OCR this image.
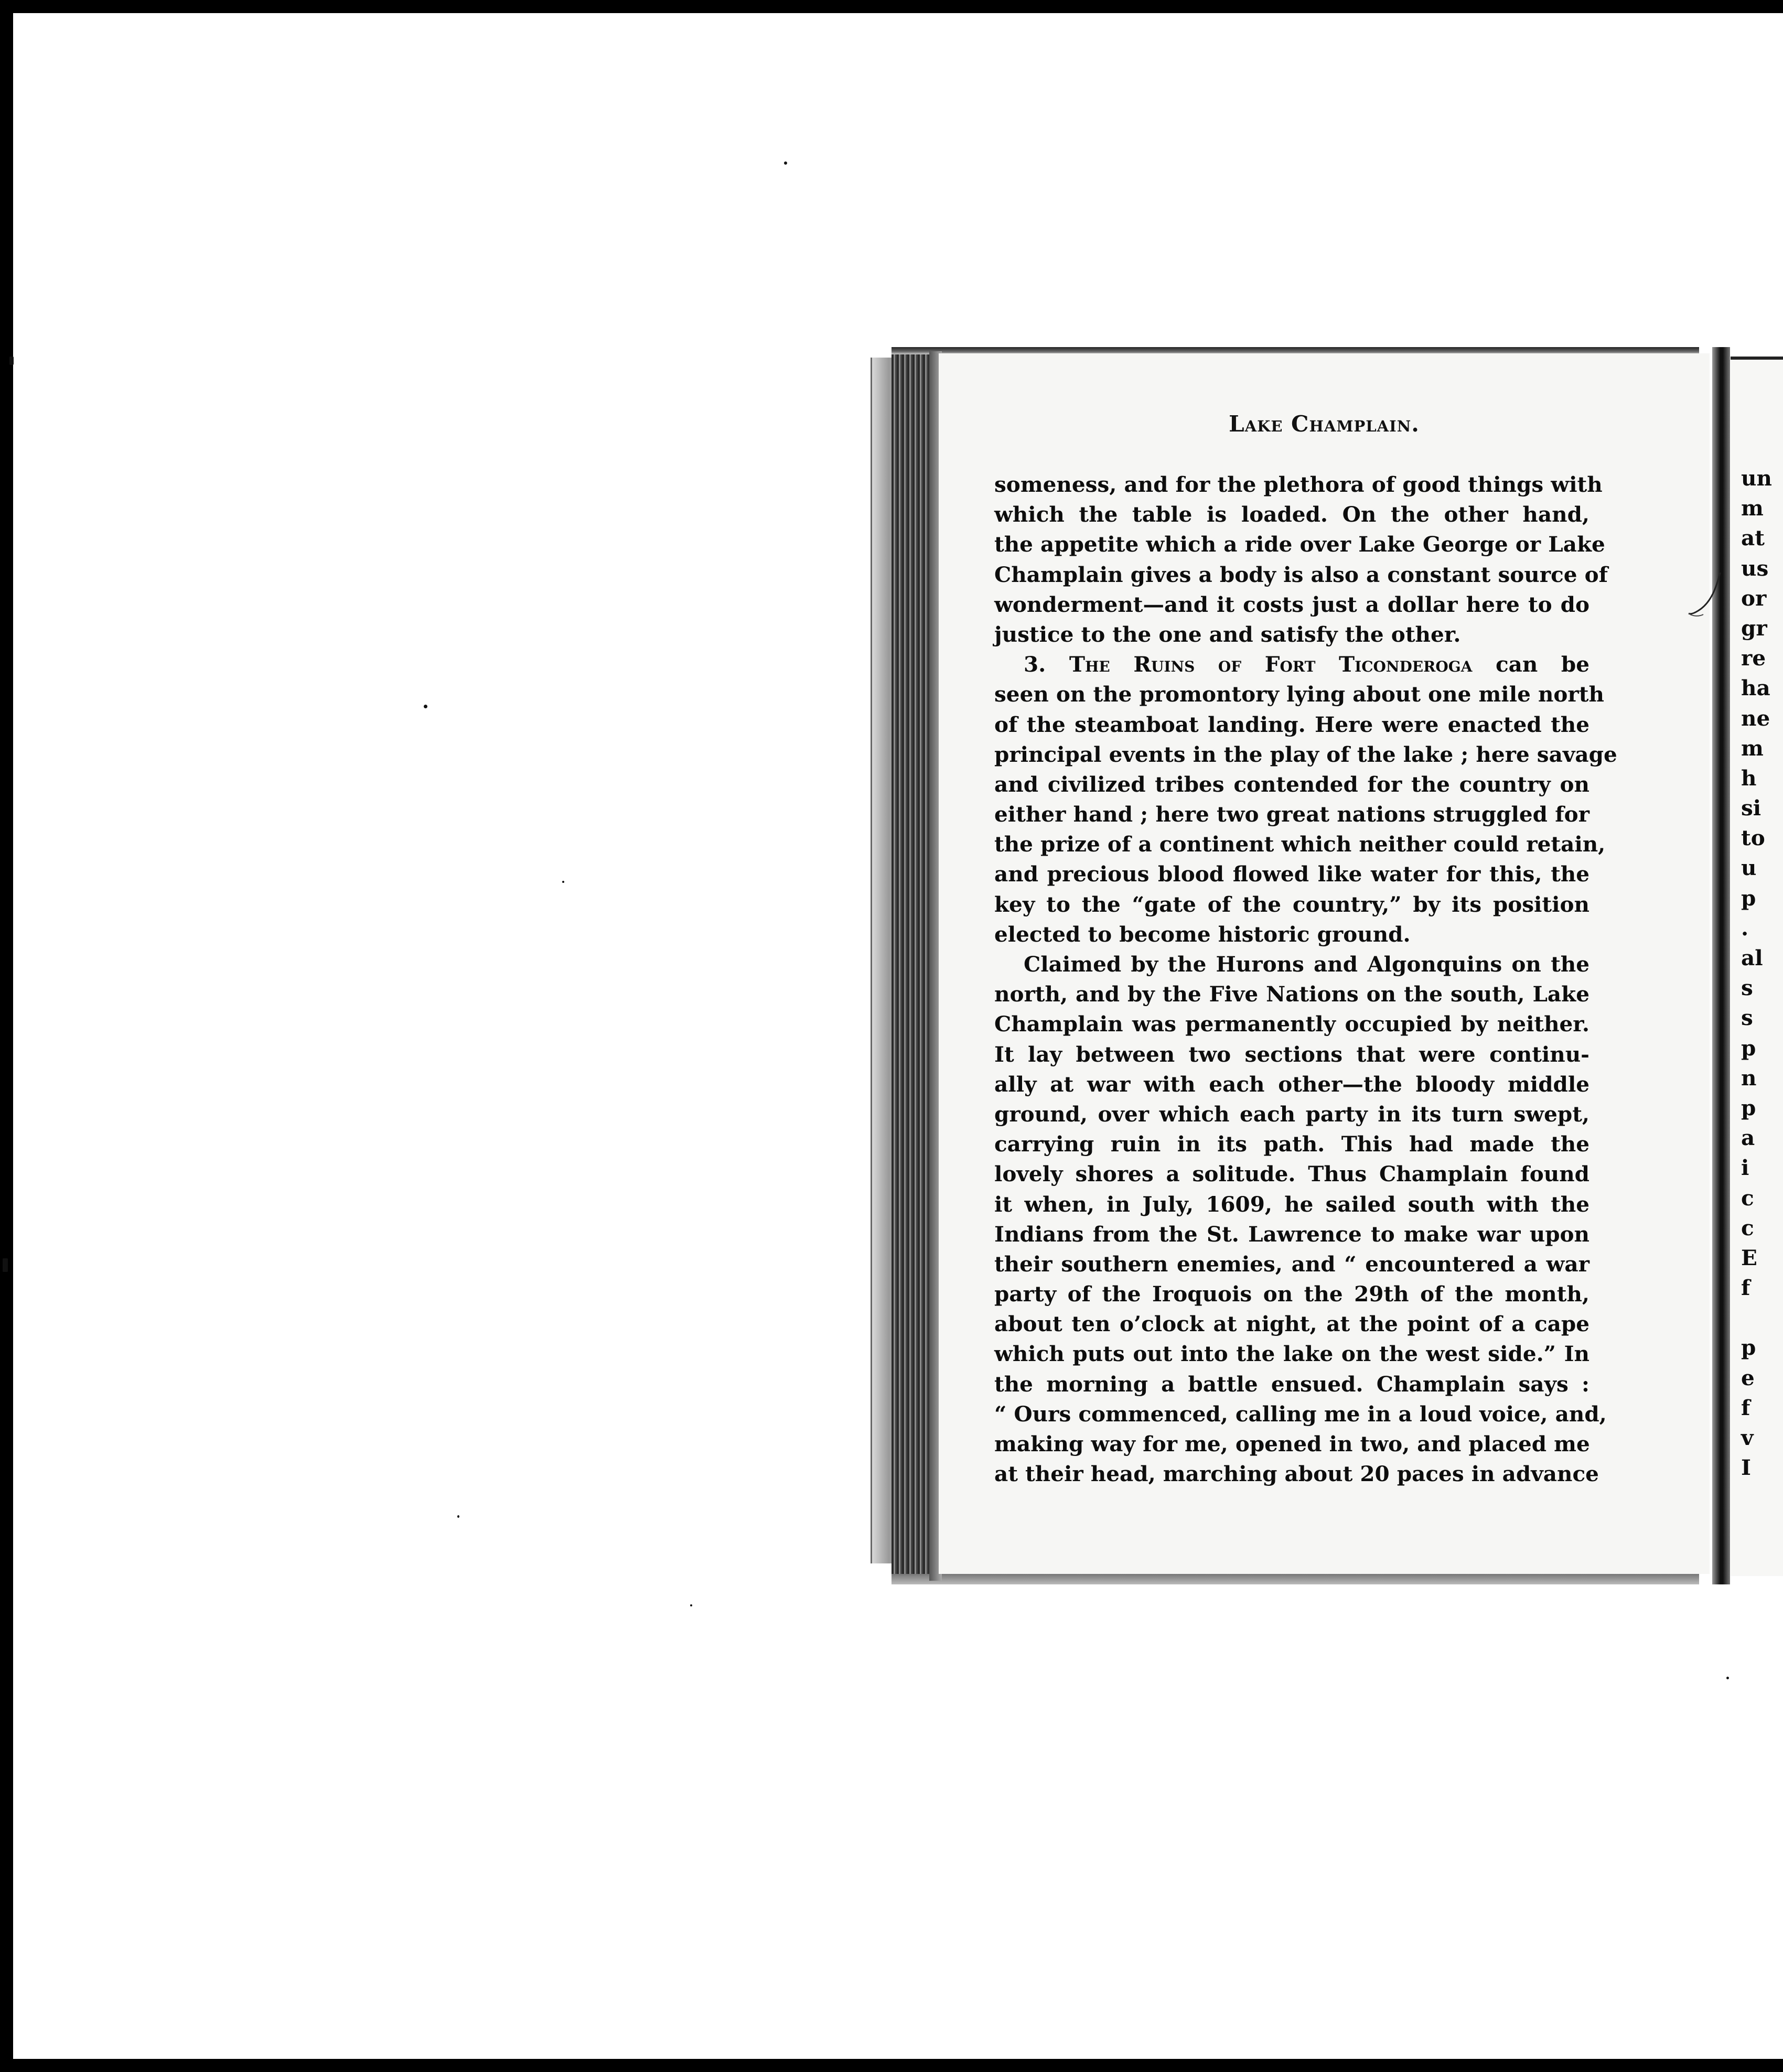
Lake Champlain.
someness, and for the plethora of good things with
which the table is loaded. On the other hand,
the appetite which a ride over Lake George or Lake
Champlain gives a body is also a constant source of
wonderment—and it costs just a dollar here to do
justice to the one and satisfy the other.
3. The Ruins of Fort Ticonderoga can be
seen on the promontory lying about one mile north
of the steamboat landing. Here were enacted the
principal events in the play of the lake ; here savage
and civilized tribes contended for the country on
either hand ; here two great nations struggled for
the prize of a continent which neither could retain,
and precious blood flowed like water for this, the
key to the “gate of the country,” by its position
elected to become historic ground.
Claimed by the Hurons and Algonquins on the
north, and by the Five Nations on the south, Lake
Champlain was permanently occupied by neither.
It lay between two sections that were continu-
ally at war with each other—the bloody middle
ground, over which each party in its turn swept,
carrying ruin in its path. This had made the
lovely shores a solitude. Thus Champlain found
it when, in July, 1609, he sailed south with the
Indians from the St. Lawrence to make war upon
their southern enemies, and “ encountered a war
party of the Iroquois on the 29th of the month,
about ten o’clock at night, at the point of a cape
which puts out into the lake on the west side.” In
the morning a battle ensued. Champlain says :
“ Ours commenced, calling me in a loud voice, and,
making way for me, opened in two, and placed me
at their head, marching about 20 paces in advance
un
m
at
us
or
gr
re
ha
ne
m
h
si
to
u
p
.
al
s
s
p
n
p
a
i
c
c
E
f
p
e
f
v
I
